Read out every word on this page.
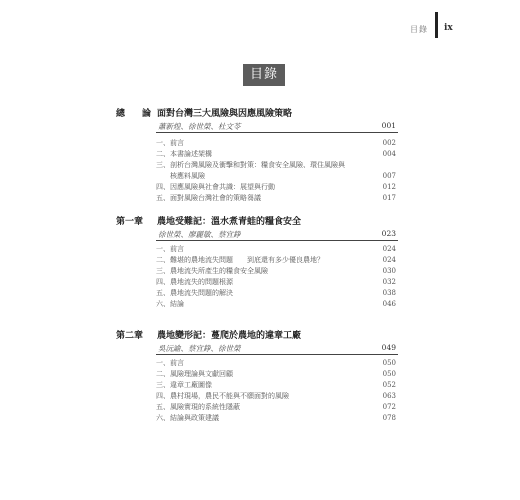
目錄 ix
目錄
總　論 面對台灣三大風險與因應風險策略
蕭新煌、徐世榮、杜文苓	001
一、前言	002
二、本書論述架構	004
三、剖析台灣風險及衝擊和對策：糧食安全風險、環住風險與
核應料風險	007
四、因應風險與社會共識：展望與行動	012
五、面對風險台灣社會的策略芻議	017
第一章 農地受難記：溫水煮青蛙的糧食安全
徐世榮、廖麗敏、蔡宜錚	023
一、前言	024
二、難堪的農地流失問題　　到底還有多少優良農地？	024
三、農地流失所產生的糧食安全風險	030
四、農地流失的問題根源	032
五、農地流失問題的解決	038
六、結論	046
第二章 農地變形記：蔓爬於農地的違章工廠
吳沅諭、蔡宜錚、徐世榮	049
一、前言	050
二、風險理論與文獻回顧	050
三、違章工廠圖像	052
四、農村現場，農民不能與不願面對的風險	063
五、風險實現的系統性隱蔽	072
六、結論與政策建議	078
